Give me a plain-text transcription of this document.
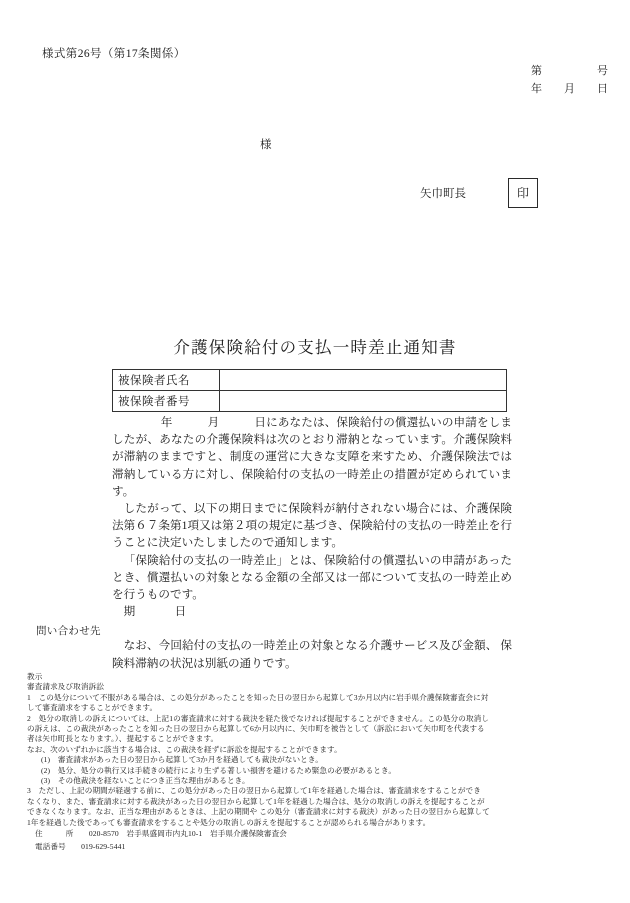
様式第26号（第17条関係）
第　　　　　号
年　　月　　日
様
矢巾町長	印
介護保険給付の支払一時差止通知書
被保険者氏名	
被保険者番号	

年　　　月　　　日にあなたは、保険給付の償還払いの申請をしましたが、あなたの介護保険料は次のとおり滞納となっています。介護保険料が滞納のままですと、制度の運営に大きな支障を来すため、介護保険法では滞納している方に対し、保険給付の支払の一時差止の措置が定められています。

したがって、以下の期日までに保険料が納付されない場合には、介護保険法第６７条第1項又は第２項の規定に基づき、保険給付の支払の一時差止を行うことに決定いたしましたので通知します。

「保険給付の支払の一時差止」とは、保険給付の償還払いの申請があったとき、償還払いの対象となる金額の全部又は一部について支払の一時差止めを行うものです。

期　日

なお、今回給付の支払の一時差止の対象となる介護サービス及び金額、 保険料滞納の状況は別紙の通りです。

問い合わせ先

教示

審査請求及び取消訴訟

1　この処分について不服がある場合は、この処分があったことを知った日の翌日から起算して3か月以内に岩手県介護保険審査会に対

して審査請求をすることができます。

2　処分の取消しの訴えについては、上記1の審査請求に対する裁決を経た後でなければ提起することができません。この処分の取消し

の訴えは、この裁決があったことを知った日の翌日から起算して6か月以内に、矢巾町を被告として（訴訟において矢巾町を代表する

者は矢巾町長となります。）、提起することができます。

なお、次のいずれかに該当する場合は、この裁決を経ずに訴訟を提起することができます。

(1)　審査請求があった日の翌日から起算して3か月を経過しても裁決がないとき。

(2)　処分、処分の執行又は手続きの続行により生ずる著しい損害を避けるため緊急の必要があるとき。

(3)　その他裁決を経ないことにつき正当な理由があるとき。

3　ただし、上記の期間が経過する前に、この処分があった日の翌日から起算して1年を経過した場合は、審査請求をすることができ

なくなり、また、審査請求に対する裁決があった日の翌日から起算して1年を経過した場合は、処分の取消しの訴えを提起することが

できなくなります。なお、正当な理由があるときは、上記の期間や この処分（審査請求に対する裁決）があった日の翌日から起算して

1年を経過した後であっても審査請求をすることや処分の取消しの訴えを提起することが認められる場合があります。

住　　　所　　020-8570　岩手県盛岡市内丸10-1　岩手県介護保険審査会

電話番号　　019-629-5441
